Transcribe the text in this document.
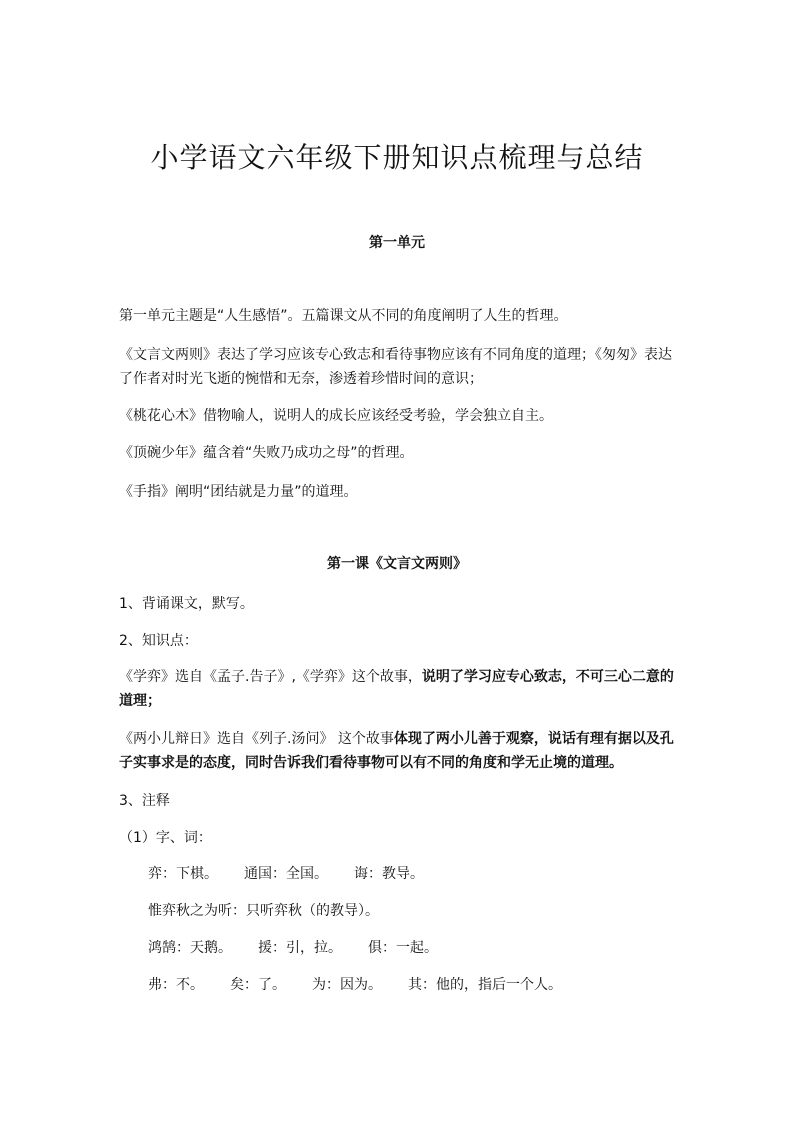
小学语文六年级下册知识点梳理与总结
第一单元
第一单元主题是“人生感悟”。五篇课文从不同的角度阐明了人生的哲理。
《文言文两则》表达了学习应该专心致志和看待事物应该有不同角度的道理；《匆匆》表达了作者对时光飞逝的惋惜和无奈，渗透着珍惜时间的意识；
《桃花心木》借物喻人，说明人的成长应该经受考验，学会独立自主。
《顶碗少年》蕴含着“失败乃成功之母”的哲理。
《手指》阐明“团结就是力量”的道理。
第一课《文言文两则》
1、背诵课文，默写。
2、知识点：
《学弈》选自《孟子.告子》,《学弈》这个故事，说明了学习应专心致志，不可三心二意的道理；
《两小儿辩日》选自《列子.汤问》 这个故事体现了两小儿善于观察，说话有理有据以及孔子实事求是的态度，同时告诉我们看待事物可以有不同的角度和学无止境的道理。
3、注释
（1）字、词：
弈：下棋。 通国：全国。 诲：教导。
惟弈秋之为听：只听弈秋（的教导）。
鸿鹄：天鹅。 援：引，拉。 俱：一起。
弗：不。 矣：了。 为：因为。 其：他的，指后一个人。
